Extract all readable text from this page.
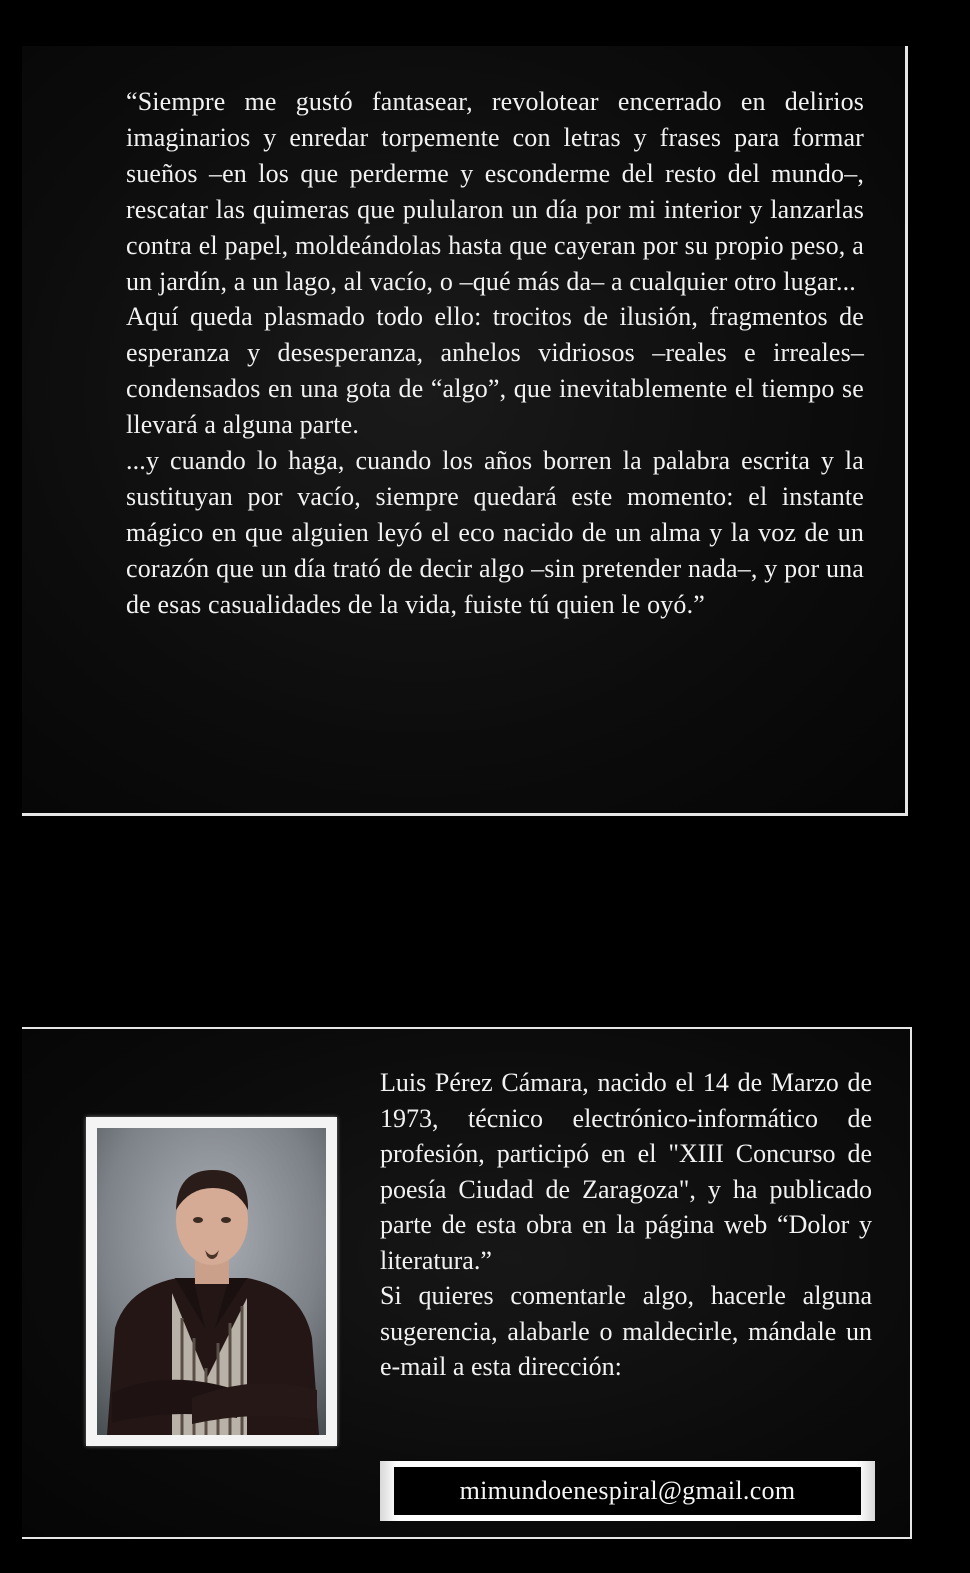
“Siempre me gustó fantasear, revolotear encerrado en delirios imaginarios y enredar torpemente con letras y frases para formar sueños –en los que perderme y esconderme del resto del mundo–, rescatar las quimeras que pulularon un día por mi interior y lanzarlas contra el papel, moldeándolas hasta que cayeran por su propio peso, a un jardín, a un lago, al vacío, o –qué más da– a cualquier otro lugar...

Aquí queda plasmado todo ello: trocitos de ilusión, fragmentos de esperanza y desesperanza, anhelos vidriosos –reales e irreales– condensados en una gota de “algo”, que inevitablemente el tiempo se llevará a alguna parte.

...y cuando lo haga, cuando los años borren la palabra escrita y la sustituyan por vacío, siempre quedará este momento: el instante mágico en que alguien leyó el eco nacido de un alma y la voz de un corazón que un día trató de decir algo –sin pretender nada–, y por una de esas casualidades de la vida, fuiste tú quien le oyó.”

Luis Pérez Cámara, nacido el 14 de Marzo de 1973, técnico electrónico-informático de profesión, participó en el "XIII Concurso de poesía Ciudad de Zaragoza", y ha publicado parte de esta obra en la página web “Dolor y literatura.”

Si quieres comentarle algo, hacerle alguna sugerencia, alabarle o maldecirle, mándale un e-mail a esta dirección:

mimundoenespiral@gmail.com
